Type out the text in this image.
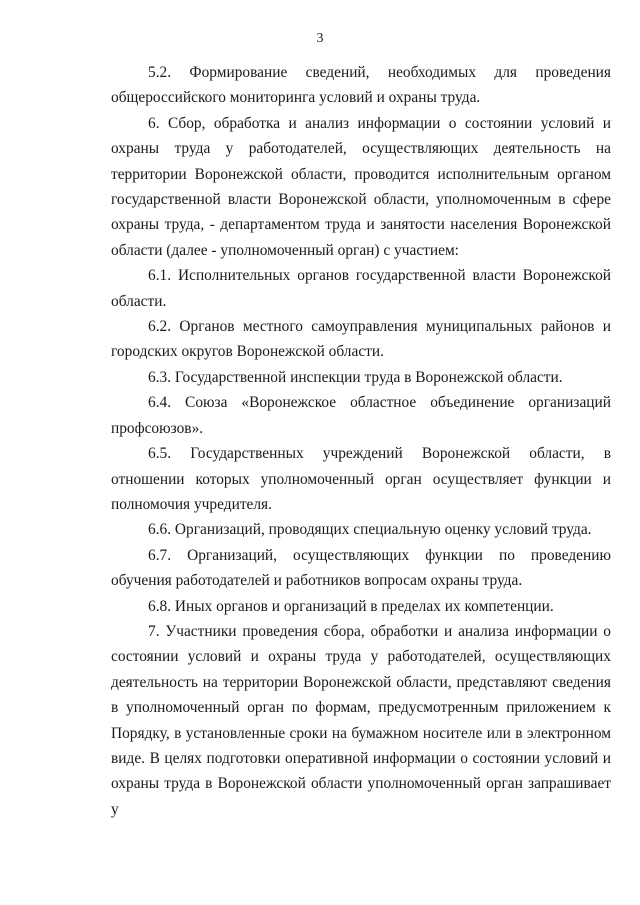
3

5.2. Формирование сведений, необходимых для проведения общероссийского мониторинга условий и охраны труда.

6. Сбор, обработка и анализ информации о состоянии условий и охраны труда у работодателей, осуществляющих деятельность на территории Воронежской области, проводится исполнительным органом государственной власти Воронежской области, уполномоченным в сфере охраны труда, - департаментом труда и занятости населения Воронежской области (далее - уполномоченный орган) с участием:

6.1. Исполнительных органов государственной власти Воронежской области.

6.2. Органов местного самоуправления муниципальных районов и городских округов Воронежской области.

6.3. Государственной инспекции труда в Воронежской области.

6.4. Союза «Воронежское областное объединение организаций профсоюзов».

6.5. Государственных учреждений Воронежской области, в отношении которых уполномоченный орган осуществляет функции и полномочия учредителя.

6.6. Организаций, проводящих специальную оценку условий труда.

6.7. Организаций, осуществляющих функции по проведению обучения работодателей и работников вопросам охраны труда.

6.8. Иных органов и организаций в пределах их компетенции.

7. Участники проведения сбора, обработки и анализа информации о состоянии условий и охраны труда у работодателей, осуществляющих деятельность на территории Воронежской области, представляют сведения в уполномоченный орган по формам, предусмотренным приложением к Порядку, в установленные сроки на бумажном носителе или в электронном виде. В целях подготовки оперативной информации о состоянии условий и охраны труда в Воронежской области уполномоченный орган запрашивает у
